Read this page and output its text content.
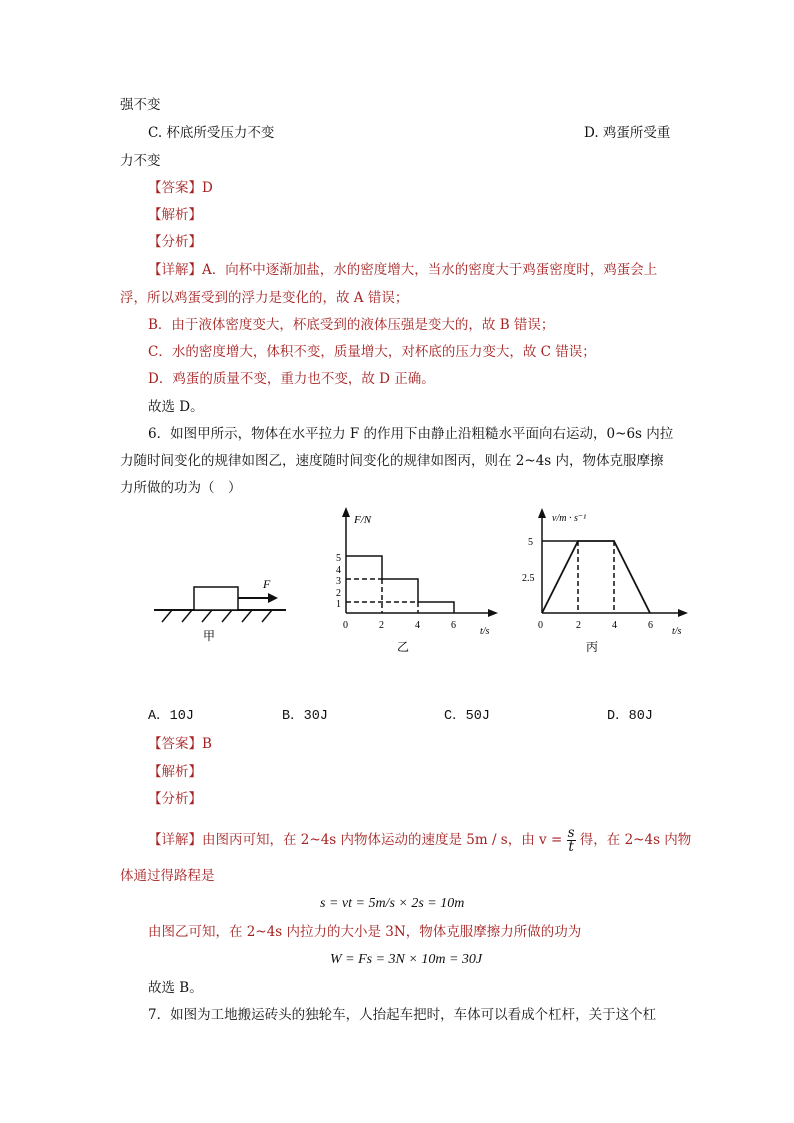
强不变
C. 杯底所受压力不变	D. 鸡蛋所受重
力不变
【答案】D
【解析】
【分析】
【详解】A．向杯中逐渐加盐，水的密度增大，当水的密度大于鸡蛋密度时，鸡蛋会上
浮，所以鸡蛋受到的浮力是变化的，故 A 错误；
B．由于液体密度变大，杯底受到的液体压强是变大的，故 B 错误；
C．水的密度增大，体积不变，质量增大，对杯底的压力变大，故 C 错误；
D．鸡蛋的质量不变，重力也不变，故 D 正确。
故选 D。
6．如图甲所示，物体在水平拉力 F 的作用下由静止沿粗糙水平面向右运动，0~6s 内拉
力随时间变化的规律如图乙，速度随时间变化的规律如图丙，则在 2~4s 内，物体克服摩擦
力所做的功为（　）
F
甲
F/N
t/s
5
4
3
2
1
0	2	4	6
乙
v/m · s⁻¹
t/s
5
2.5
0	2	4	6
丙
A．10J	B．30J	C．50J	D．80J
【答案】B
【解析】
【分析】
【详解】由图丙可知，在 2~4s 内物体运动的速度是 5m / s，由 $v = \frac{s}{t}$ 得，在 2~4s 内物
体通过得路程是
s = vt = 5m/s × 2s = 10m
由图乙可知，在 2~4s 内拉力的大小是 3N，物体克服摩擦力所做的功为
W = Fs = 3N × 10m = 30J
故选 B。
7．如图为工地搬运砖头的独轮车，人抬起车把时，车体可以看成个杠杆，关于这个杠
